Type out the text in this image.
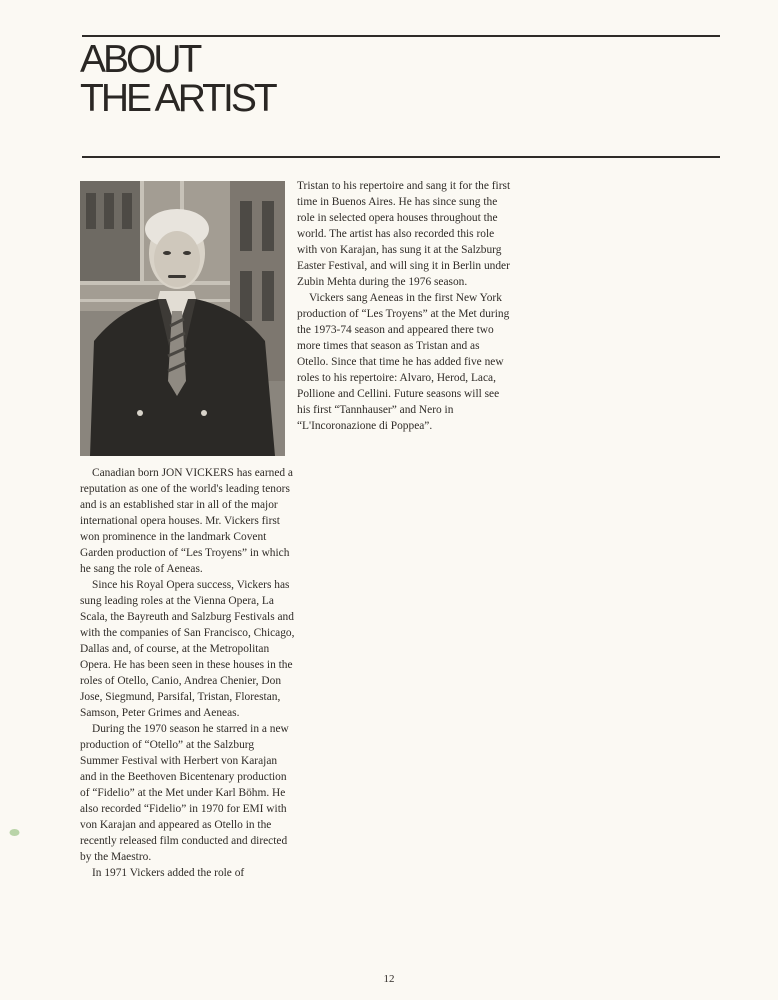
ABOUT
THE ARTIST

Canadian born JON VICKERS has earned a reputation as one of the world's leading tenors and is an established star in all of the major international opera houses. Mr. Vickers first won prominence in the landmark Covent Garden production of “Les Troyens” in which he sang the role of Aeneas.

Since his Royal Opera success, Vickers has sung leading roles at the Vienna Opera, La Scala, the Bayreuth and Salzburg Festivals and with the companies of San Francisco, Chicago, Dallas and, of course, at the Metropolitan Opera. He has been seen in these houses in the roles of Otello, Canio, Andrea Chenier, Don Jose, Siegmund, Parsifal, Tristan, Florestan, Samson, Peter Grimes and Aeneas.

During the 1970 season he starred in a new production of “Otello” at the Salzburg Summer Festival with Herbert von Karajan and in the Beethoven Bicentenary production of “Fidelio” at the Met under Karl Böhm. He also recorded “Fidelio” in 1970 for EMI with von Karajan and appeared as Otello in the recently released film conducted and directed by the Maestro.

In 1971 Vickers added the role of

Tristan to his repertoire and sang it for the first time in Buenos Aires. He has since sung the role in selected opera houses throughout the world. The artist has also recorded this role with von Karajan, has sung it at the Salzburg Easter Festival, and will sing it in Berlin under Zubin Mehta during the 1976 season.

Vickers sang Aeneas in the first New York production of “Les Troyens” at the Met during the 1973-74 season and appeared there two more times that season as Tristan and as Otello. Since that time he has added five new roles to his repertoire: Alvaro, Herod, Laca, Pollione and Cellini. Future seasons will see his first “Tannhauser” and Nero in “L'Incoronazione di Poppea”.

12
